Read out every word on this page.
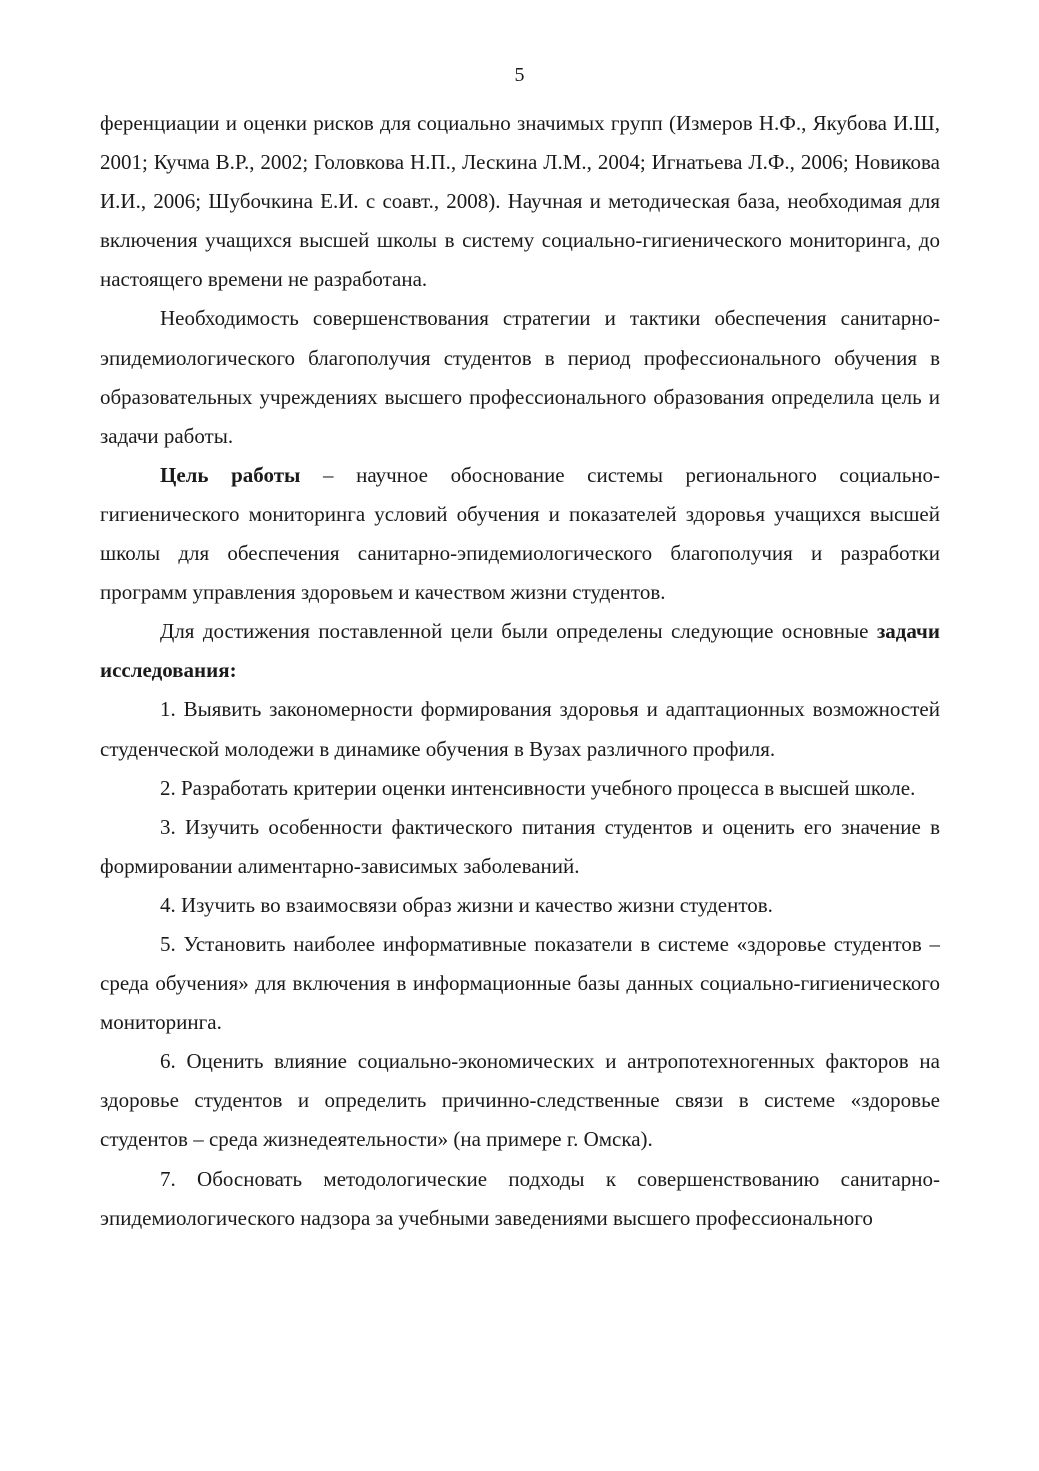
5

ференциации и оценки рисков для социально значимых групп (Измеров Н.Ф., Якубова И.Ш, 2001; Кучма В.Р., 2002; Головкова Н.П., Лескина Л.М., 2004; Игнатьева Л.Ф., 2006; Новикова И.И., 2006; Шубочкина Е.И. с соавт., 2008). Научная и методическая база, необходимая для включения учащихся высшей школы в систему социально-гигиенического мониторинга, до настоящего времени не разработана.

Необходимость совершенствования стратегии и тактики обеспечения санитарно-эпидемиологического благополучия студентов в период профессионального обучения в образовательных учреждениях высшего профессионального образования определила цель и задачи работы.

Цель работы – научное обоснование системы регионального социально-гигиенического мониторинга условий обучения и показателей здоровья учащихся высшей школы для обеспечения санитарно-эпидемиологического благополучия и разработки программ управления здоровьем и качеством жизни студентов.

Для достижения поставленной цели были определены следующие основные задачи исследования:

1. Выявить закономерности формирования здоровья и адаптационных возможностей студенческой молодежи в динамике обучения в Вузах различного профиля.

2. Разработать критерии оценки интенсивности учебного процесса в высшей школе.

3. Изучить особенности фактического питания студентов и оценить его значение в формировании алиментарно-зависимых заболеваний.

4. Изучить во взаимосвязи образ жизни и качество жизни студентов.

5. Установить наиболее информативные показатели в системе «здоровье студентов – среда обучения» для включения в информационные базы данных социально-гигиенического мониторинга.

6. Оценить влияние социально-экономических и антропотехногенных факторов на здоровье студентов и определить причинно-следственные связи в системе «здоровье студентов – среда жизнедеятельности» (на примере г. Омска).

7. Обосновать методологические подходы к совершенствованию санитарно-эпидемиологического надзора за учебными заведениями высшего профессионального
